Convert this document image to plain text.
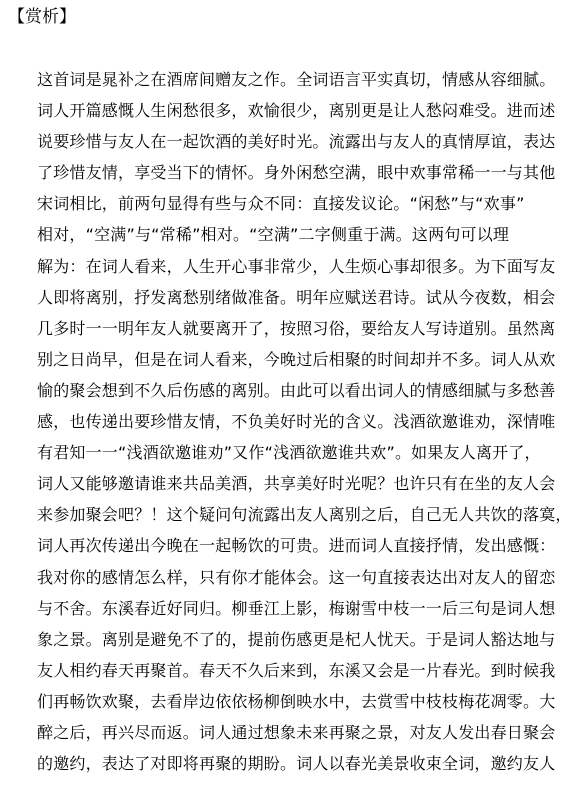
【赏析】
这首词是晁补之在酒席间赠友之作。全词语言平实真切，情感从容细腻。
词人开篇感慨人生闲愁很多，欢愉很少，离别更是让人愁闷难受。进而述
说要珍惜与友人在一起饮酒的美好时光。流露出与友人的真情厚谊，表达
了珍惜友情，享受当下的情怀。身外闲愁空满，眼中欢事常稀一一与其他
宋词相比，前两句显得有些与众不同：直接发议论。“闲愁”与“欢事”
相对，“空满”与“常稀”相对。“空满”二字侧重于满。这两句可以理
解为：在词人看来，人生开心事非常少，人生烦心事却很多。为下面写友
人即将离别，抒发离愁别绪做准备。明年应赋送君诗。试从今夜数，相会
几多时一一明年友人就要离开了，按照习俗，要给友人写诗道别。虽然离
别之日尚早，但是在词人看来，今晚过后相聚的时间却并不多。词人从欢
愉的聚会想到不久后伤感的离别。由此可以看出词人的情感细腻与多愁善
感，也传递出要珍惜友情，不负美好时光的含义。浅酒欲邀谁劝，深情唯
有君知一一“浅酒欲邀谁劝”又作“浅酒欲邀谁共欢”。如果友人离开了，
词人又能够邀请谁来共品美酒，共享美好时光呢？也许只有在坐的友人会
来参加聚会吧？！这个疑问句流露出友人离别之后，自己无人共饮的落寞，
词人再次传递出今晚在一起畅饮的可贵。进而词人直接抒情，发出感慨：
我对你的感情怎么样，只有你才能体会。这一句直接表达出对友人的留恋
与不舍。东溪春近好同归。柳垂江上影，梅谢雪中枝一一后三句是词人想
象之景。离别是避免不了的，提前伤感更是杞人忧天。于是词人豁达地与
友人相约春天再聚首。春天不久后来到，东溪又会是一片春光。到时候我
们再畅饮欢聚，去看岸边依依杨柳倒映水中，去赏雪中枝枝梅花凋零。大
醉之后，再兴尽而返。词人通过想象未来再聚之景，对友人发出春日聚会
的邀约，表达了对即将再聚的期盼。词人以春光美景收束全词，邀约友人
